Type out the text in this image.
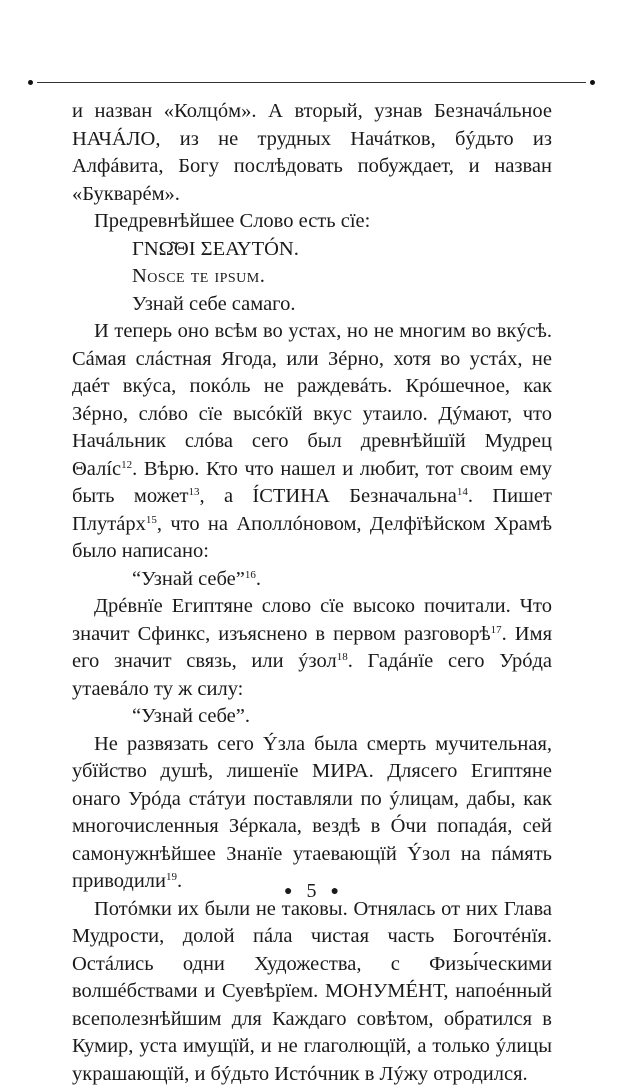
и назван «Колцóм». А вторый, узнав Безначáльное НАЧÁЛО, из не трудных Начáтков, бýдьто из Алфáвита, Богу послѣдовать побуждает, и назван «Букварéм».

Предревнѣйшее Слово есть сїе:

ΓΝΩ͂ΘΙ ΣΕΑΥΤÓΝ.

Nosce te ipsum.

Узнай себе самаго.

И теперь оно всѣм во устах, но не многим во вкýсѣ. Сáмая слáстная Ягода, или Зéрно, хотя во устáх, не даéт вкýса, покóль не раждевáть. Крóшечное, как Зéрно, слóво сїе высóкїй вкус утаило. Дýмают, что Начáльник слóва сего был древнѣйшїй Мудрец Θалíс$^{12}$. Вѣрю. Кто что нашел и любит, тот своим ему быть может$^{13}$, а ÍСТИНА Безначальна$^{14}$. Пишет Плутáрх$^{15}$, что на Аполлóновом, Делфїѣйском Храмѣ было написано:

“Узнай себе”$^{16}$.

Дрéвнїе Египтяне слово сїе высоко почитали. Что значит Сфинкс, изъяснено в первом разговорѣ$^{17}$. Имя его значит связь, или ýзол$^{18}$. Гадáнїе сего Урóда утаевáло ту ж силу:

“Узнай себе”.

Не развязать сего Ýзла была смерть мучительная, убїйство душѣ, лишенїе МИРА. Длясего Египтяне онаго Урóда стáтуи поставляли по ýлицам, дабы, как многочисленныя Зéркала, вездѣ в Óчи попадáя, сей самонужнѣйшее Знанїе утаевающїй Ýзол на пáмять приводили$^{19}$.

Потóмки их были не таковы. Отнялась от них Глава Мудрости, долой пáла чистая часть Богочтéнїя. Остáлись одни Художества, с Физы́ческими волшéбствами и Суевѣрїем. МОНУМÉНТ, напоéнный всеполезнѣйшим для Каждаго совѣтом, обратился в Кумир, уста имущїй, и не глаголющїй, а только ýлицы украшающїй, и бýдьто Истóчник в Лýжу отродился.

● 5 ●
